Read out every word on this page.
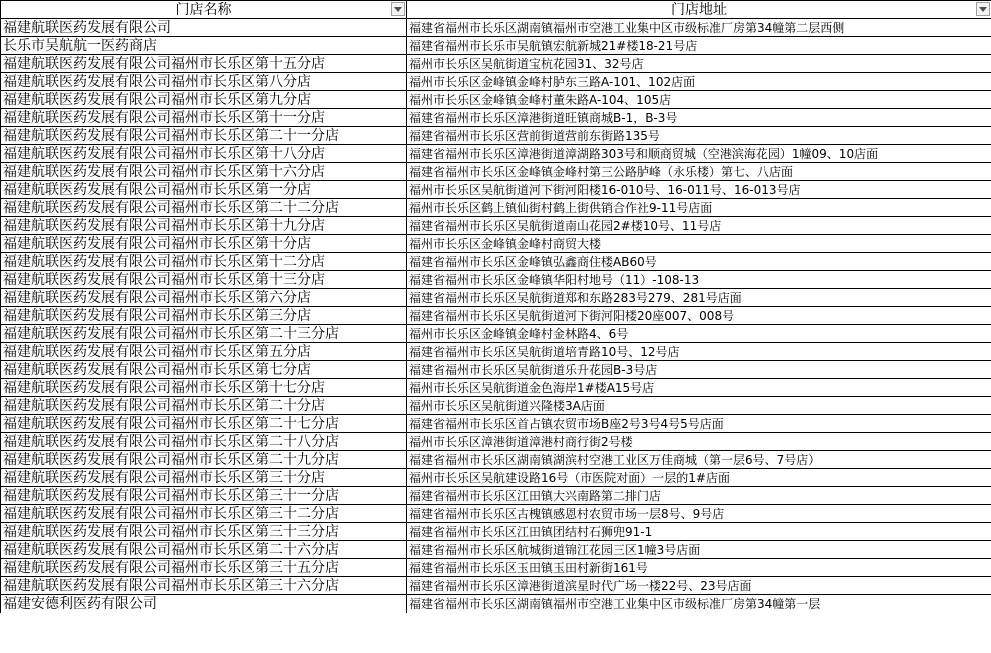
门店名称	门店地址

福建航联医药发展有限公司	福建省福州市长乐区湖南镇福州市空港工业集中区市级标准厂房第34幢第二层西侧
长乐市吴航航一医药商店	福建省福州市长乐市吴航镇宏航新城21#楼18-21号店
福建航联医药发展有限公司福州市长乐区第十五分店	福州市长乐区吴航街道宝杭花园31、32号店
福建航联医药发展有限公司福州市长乐区第八分店	福州市长乐区金峰镇金峰村胪东三路A-101、102店面
福建航联医药发展有限公司福州市长乐区第九分店	福州市长乐区金峰镇金峰村董朱路A-104、105店
福建航联医药发展有限公司福州市长乐区第十一分店	福建省福州市长乐区漳港街道旺镇商城B-1，B-3号
福建航联医药发展有限公司福州市长乐区第二十一分店	福建省福州市长乐区营前街道营前东街路135号
福建航联医药发展有限公司福州市长乐区第十八分店	福建省福州市长乐区漳港街道漳湖路303号和顺商贸城（空港滨海花园）1幢09、10店面
福建航联医药发展有限公司福州市长乐区第十六分店	福建省福州市长乐区金峰镇金峰村第三公路胪峰（永乐楼）第七、八店面
福建航联医药发展有限公司福州市长乐区第一分店	福州市长乐区吴航街道河下街河阳楼16-010号、16-011号、16-013号店
福建航联医药发展有限公司福州市长乐区第二十二分店	福州市长乐区鹤上镇仙街村鹤上街供销合作社9-11号店面
福建航联医药发展有限公司福州市长乐区第十九分店	福建省福州市长乐区吴航街道南山花园2#楼10号、11号店
福建航联医药发展有限公司福州市长乐区第十分店	福州市长乐区金峰镇金峰村商贸大楼
福建航联医药发展有限公司福州市长乐区第十二分店	福建省福州市长乐区金峰镇弘鑫商住楼AB60号
福建航联医药发展有限公司福州市长乐区第十三分店	福建省福州市长乐区金峰镇华阳村地号（11）-108-13
福建航联医药发展有限公司福州市长乐区第六分店	福建省福州市长乐区吴航街道郑和东路283号279、281号店面
福建航联医药发展有限公司福州市长乐区第三分店	福建省福州市长乐区吴航街道河下街河阳楼20座007、008号
福建航联医药发展有限公司福州市长乐区第二十三分店	福州市长乐区金峰镇金峰村金林路4、6号
福建航联医药发展有限公司福州市长乐区第五分店	福建省福州市长乐区吴航街道培青路10号、12号店
福建航联医药发展有限公司福州市长乐区第七分店	福建省福州市长乐区吴航街道乐升花园B-3号店
福建航联医药发展有限公司福州市长乐区第十七分店	福州市长乐区吴航街道金色海岸1#楼A15号店
福建航联医药发展有限公司福州市长乐区第二十分店	福州市长乐区吴航街道兴隆楼3A店面
福建航联医药发展有限公司福州市长乐区第二十七分店	福建省福州市长乐区首占镇农贸市场B座2号3号4号5号店面
福建航联医药发展有限公司福州市长乐区第二十八分店	福州市长乐区漳港街道漳港村商行街2号楼
福建航联医药发展有限公司福州市长乐区第二十九分店	福建省福州市长乐区湖南镇湖滨村空港工业区万佳商城（第一层6号、7号店）
福建航联医药发展有限公司福州市长乐区第三十分店	福州市长乐区吴航建设路16号（市医院对面）一层的1#店面
福建航联医药发展有限公司福州市长乐区第三十一分店	福建省福州市长乐区江田镇大兴南路第二排门店
福建航联医药发展有限公司福州市长乐区第三十二分店	福建省福州市长乐区古槐镇感恩村农贸市场一层8号、9号店
福建航联医药发展有限公司福州市长乐区第三十三分店	福建省福州市长乐区江田镇团结村石狮兜91-1
福建航联医药发展有限公司福州市长乐区第二十六分店	福建省福州市长乐区航城街道锦江花园三区1幢3号店面
福建航联医药发展有限公司福州市长乐区第三十五分店	福建省福州市长乐区玉田镇玉田村新街161号
福建航联医药发展有限公司福州市长乐区第三十六分店	福建省福州市长乐区漳港街道滨星时代广场一楼22号、23号店面
福建安德利医药有限公司	福建省福州市长乐区湖南镇福州市空港工业集中区市级标准厂房第34幢第一层
